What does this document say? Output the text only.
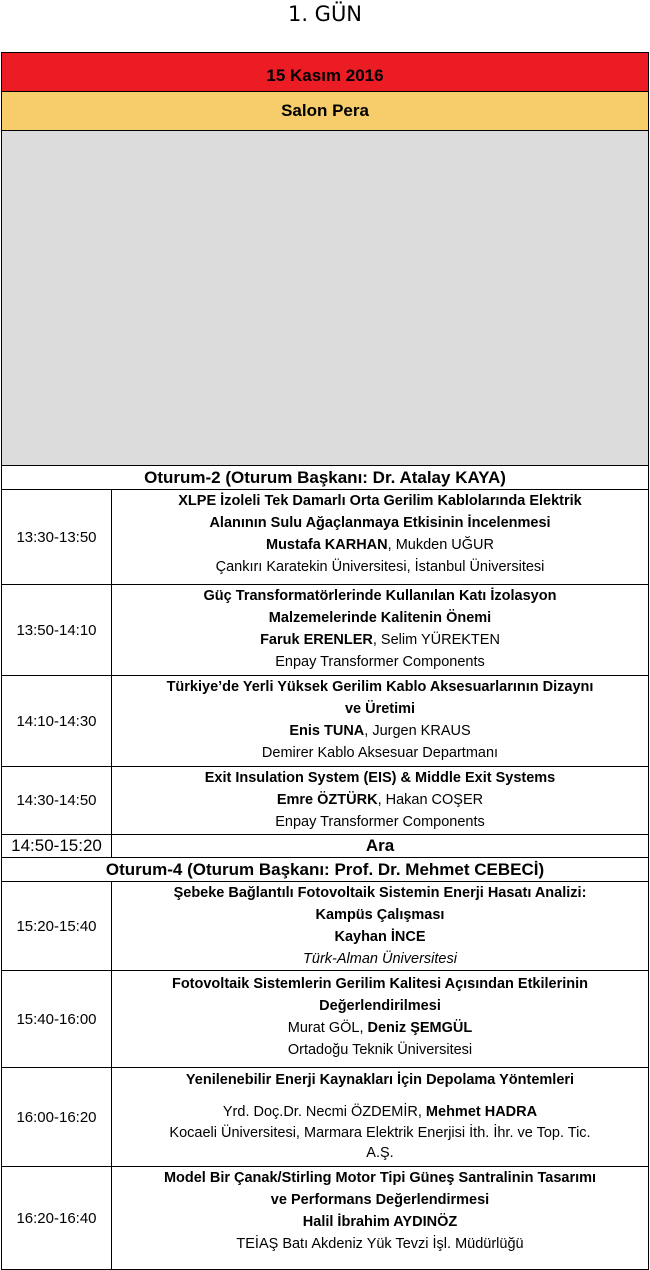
1. GÜN
15 Kasım 2016
Salon Pera
Oturum-2 (Oturum Başkanı: Dr. Atalay KAYA)
13:30-13:50
XLPE İzoleli Tek Damarlı Orta Gerilim Kablolarında Elektrik
Alanının Sulu Ağaçlanmaya Etkisinin İncelenmesi
Mustafa KARHAN, Mukden UĞUR
Çankırı Karatekin Üniversitesi, İstanbul Üniversitesi
13:50-14:10
Güç Transformatörlerinde Kullanılan Katı İzolasyon
Malzemelerinde Kalitenin Önemi
Faruk ERENLER, Selim YÜREKTEN
Enpay Transformer Components
14:10-14:30
Türkiye’de Yerli Yüksek Gerilim Kablo Aksesuarlarının Dizaynı
ve Üretimi
Enis TUNA, Jurgen KRAUS
Demirer Kablo Aksesuar Departmanı
14:30-14:50
Exit Insulation System (EIS) & Middle Exit Systems
Emre ÖZTÜRK, Hakan COŞER
Enpay Transformer Components
14:50-15:20	Ara
Oturum-4 (Oturum Başkanı: Prof. Dr. Mehmet CEBECİ)
15:20-15:40
Şebeke Bağlantılı Fotovoltaik Sistemin Enerji Hasatı Analizi:
Kampüs Çalışması
Kayhan İNCE
Türk-Alman Üniversitesi
15:40-16:00
Fotovoltaik Sistemlerin Gerilim Kalitesi Açısından Etkilerinin
Değerlendirilmesi
Murat GÖL, Deniz ŞEMGÜL
Ortadoğu Teknik Üniversitesi
16:00-16:20
Yenilenebilir Enerji Kaynakları İçin Depolama Yöntemleri
Yrd. Doç.Dr. Necmi ÖZDEMİR, Mehmet HADRA
Kocaeli Üniversitesi, Marmara Elektrik Enerjisi İth. İhr. ve Top. Tic.
A.Ş.
16:20-16:40
Model Bir Çanak/Stirling Motor Tipi Güneş Santralinin Tasarımı
ve Performans Değerlendirmesi
Halil İbrahim AYDINÖZ
TEİAŞ Batı Akdeniz Yük Tevzi İşl. Müdürlüğü
